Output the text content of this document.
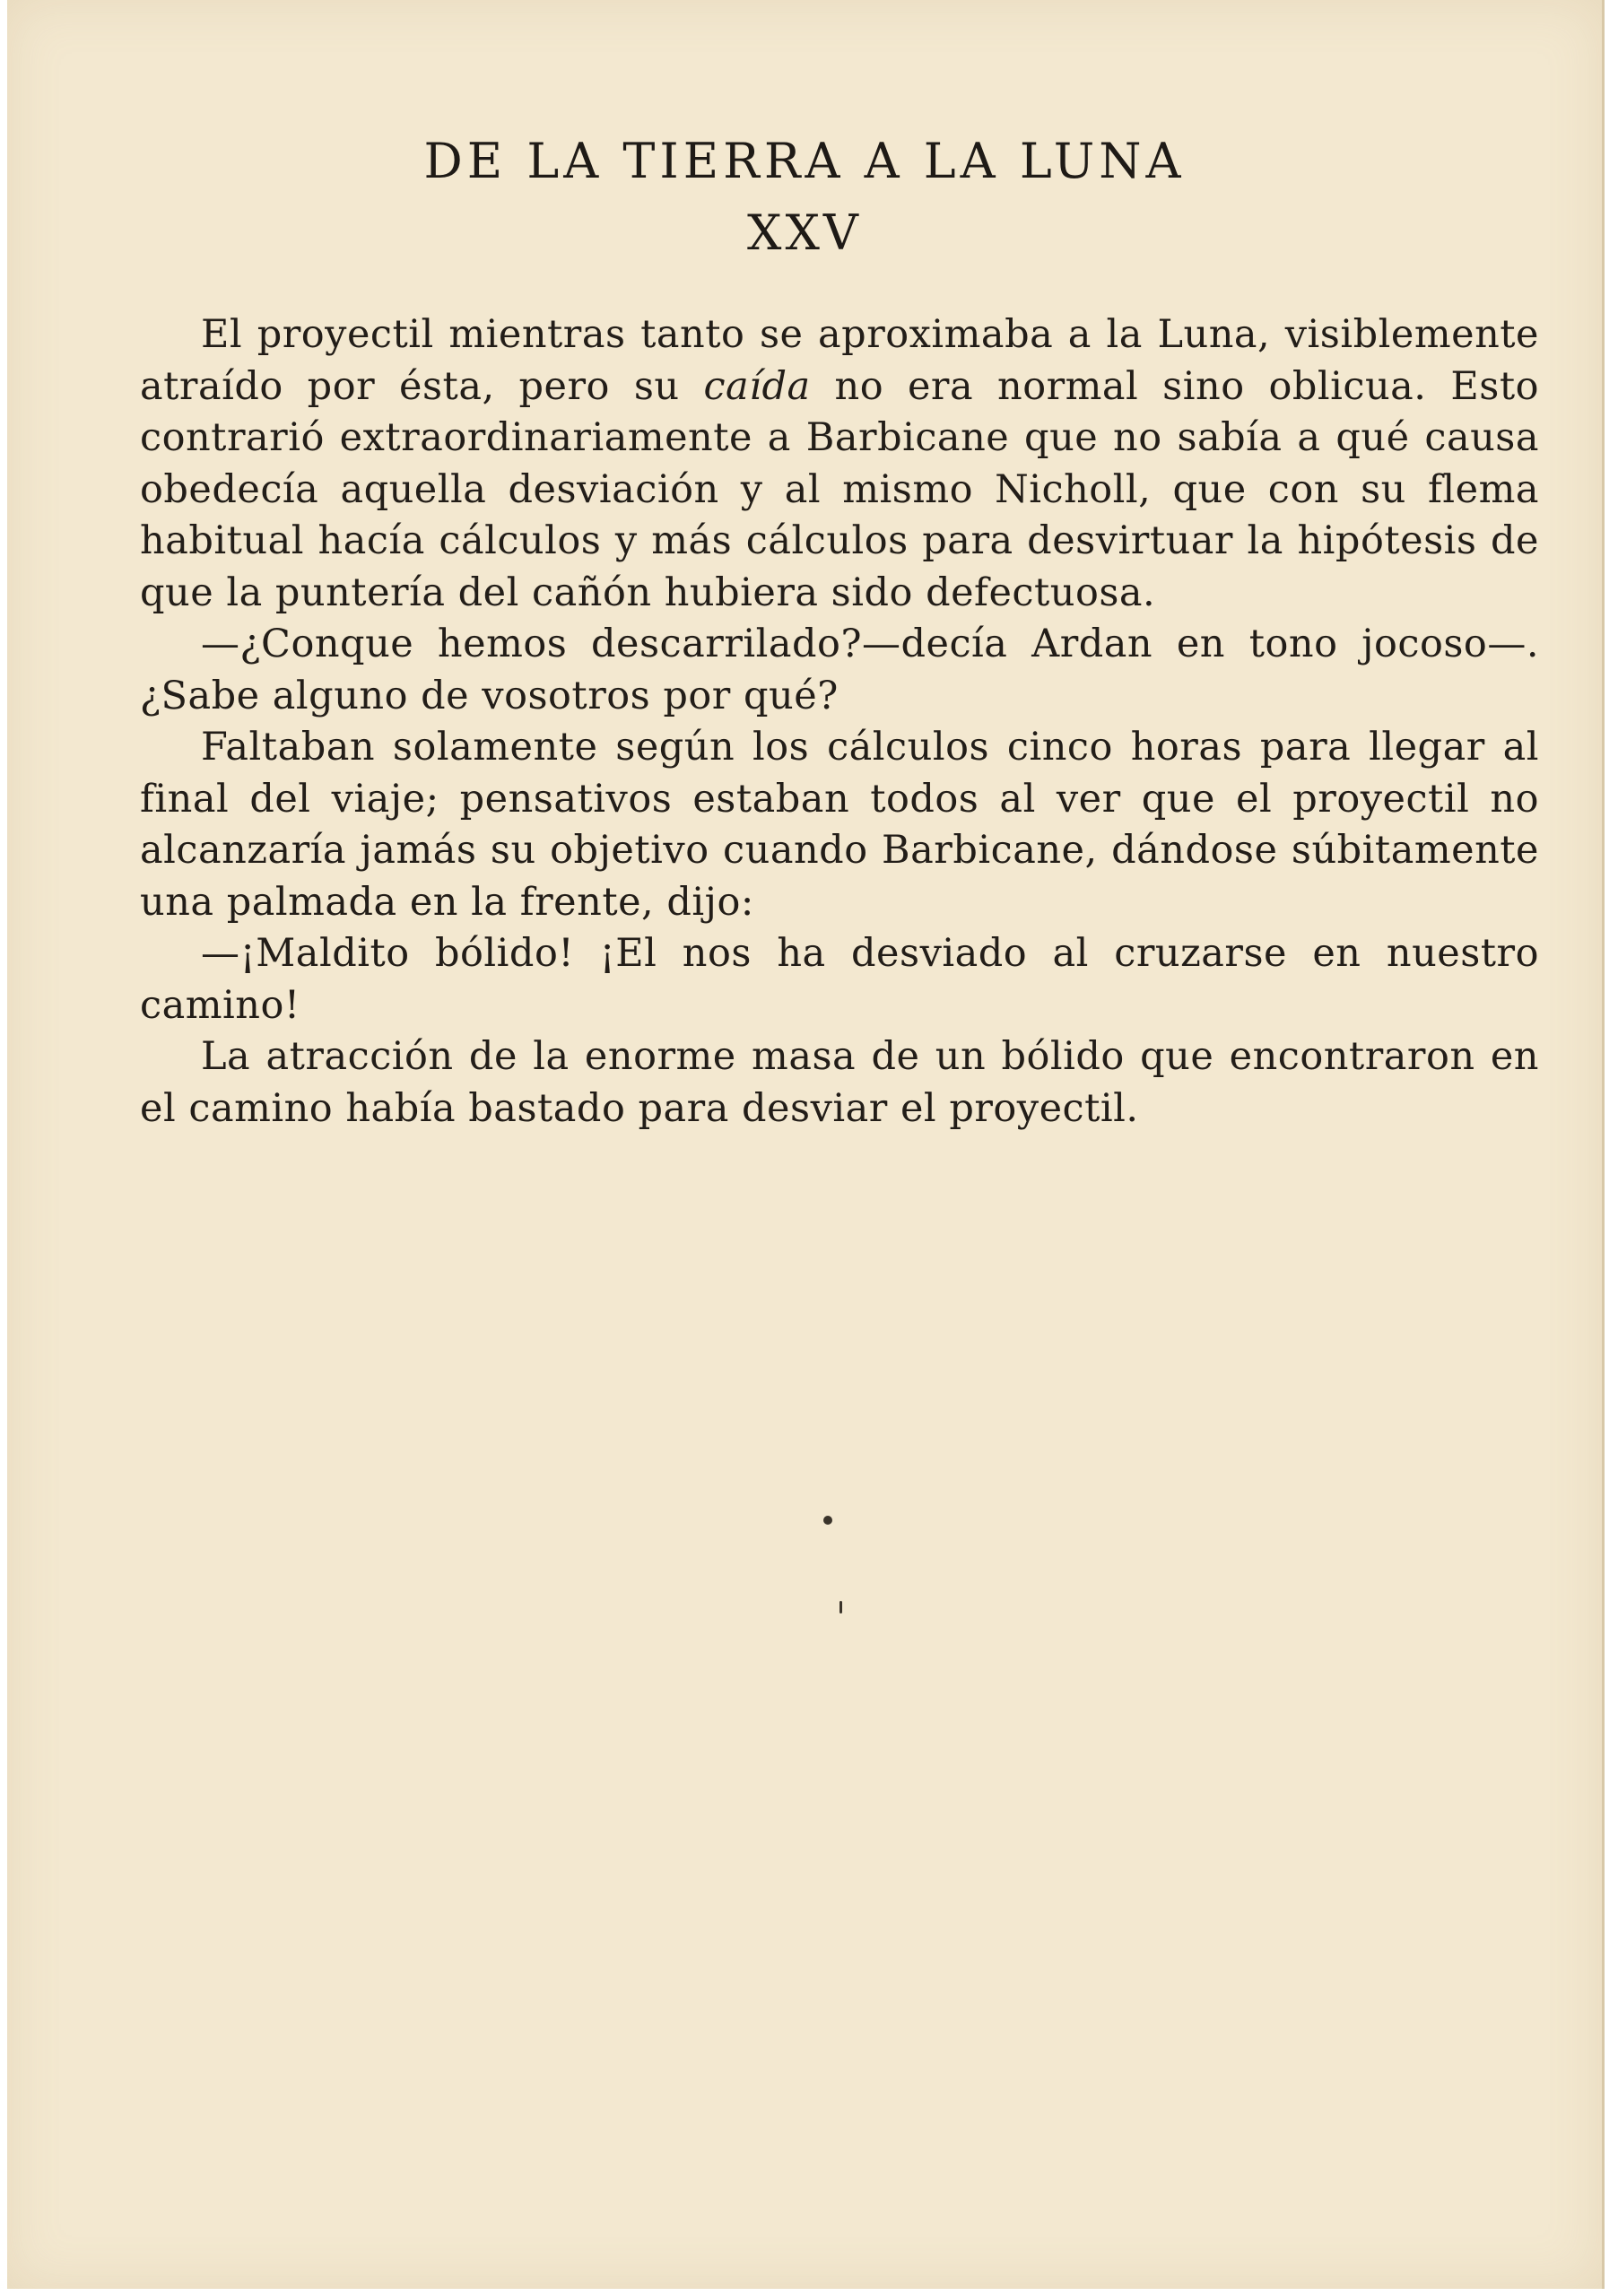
DE LA TIERRA A LA LUNA
XXV

El proyectil mientras tanto se aproximaba a la Luna, visiblemente atraído por ésta, pero su caída no era normal sino oblicua. Esto contrarió extraordinariamente a Barbicane que no sabía a qué causa obedecía aquella desviación y al mismo Nicholl, que con su flema habitual hacía cálculos y más cálculos para desvirtuar la hipótesis de que la puntería del cañón hubiera sido defectuosa.

—¿Conque hemos descarrilado?—decía Ardan en tono jocoso—. ¿Sabe alguno de vosotros por qué?

Faltaban solamente según los cálculos cinco horas para llegar al final del viaje; pensativos estaban todos al ver que el proyectil no alcanzaría jamás su objetivo cuando Barbicane, dándose súbitamente una palmada en la frente, dijo:

—¡Maldito bólido! ¡El nos ha desviado al cruzarse en nuestro camino!

La atracción de la enorme masa de un bólido que encontraron en el camino había bastado para desviar el proyectil.
